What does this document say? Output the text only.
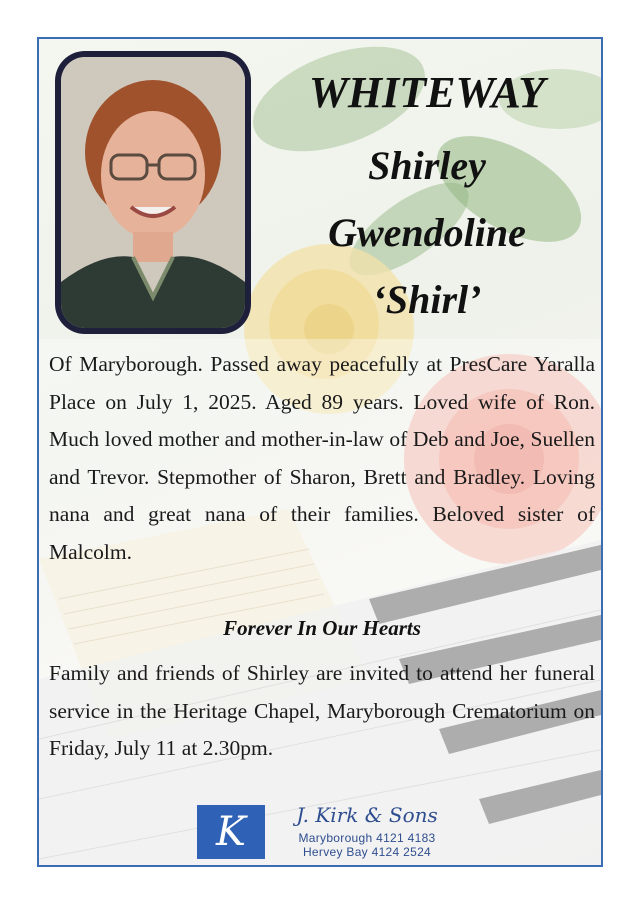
WHITEWAY
Shirley
Gwendoline
‘Shirl’
Of Maryborough. Passed away peacefully at PresCare Yaralla Place on July 1, 2025. Aged 89 years. Loved wife of Ron. Much loved mother and mother-in-law of Deb and Joe, Suellen and Trevor. Stepmother of Sharon, Brett and Bradley. Loving nana and great nana of their families. Beloved sister of Malcolm.
Forever In Our Hearts
Family and friends of Shirley are invited to attend her funeral service in the Heritage Chapel, Maryborough Crematorium on Friday, July 11 at 2.30pm.
K	J. Kirk & Sons
Maryborough 4121 4183
Hervey Bay 4124 2524
